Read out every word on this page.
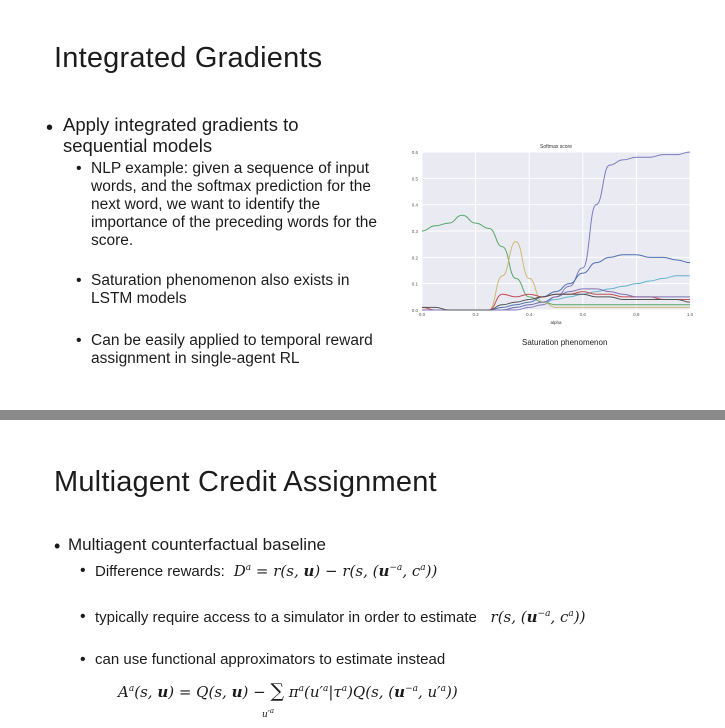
Integrated Gradients
• Apply integrated gradients to sequential models
• NLP example: given a sequence of input words, and the softmax prediction for the next word, we want to identify the importance of the preceding words for the score.
• Saturation phenomenon also exists in LSTM models
• Can be easily applied to temporal reward assignment in single-agent RL
0.0
0.1
0.2
0.3
0.4
0.5
0.6
0.0	0.2	0.4	0.6	0.8	1.0
Softmax score
alpha
Saturation phenomenon
Multiagent Credit Assignment
• Multiagent counterfactual baseline
• Difference rewards:  $D^a = r(s$, u) − r(s, ($u^{-a}$, $c^a$))
• typically require access to a simulator in order to estimate   r(s, ($u^{-a}$, $c^a$))
• can use functional approximators to estimate instead
$A^a(s$, u) = Q(s, u) − ∑ $\pi^a(u'^a|\tau^a)Q(s$, ($u^{-a}$, $u'^a$))
$u'^a$
